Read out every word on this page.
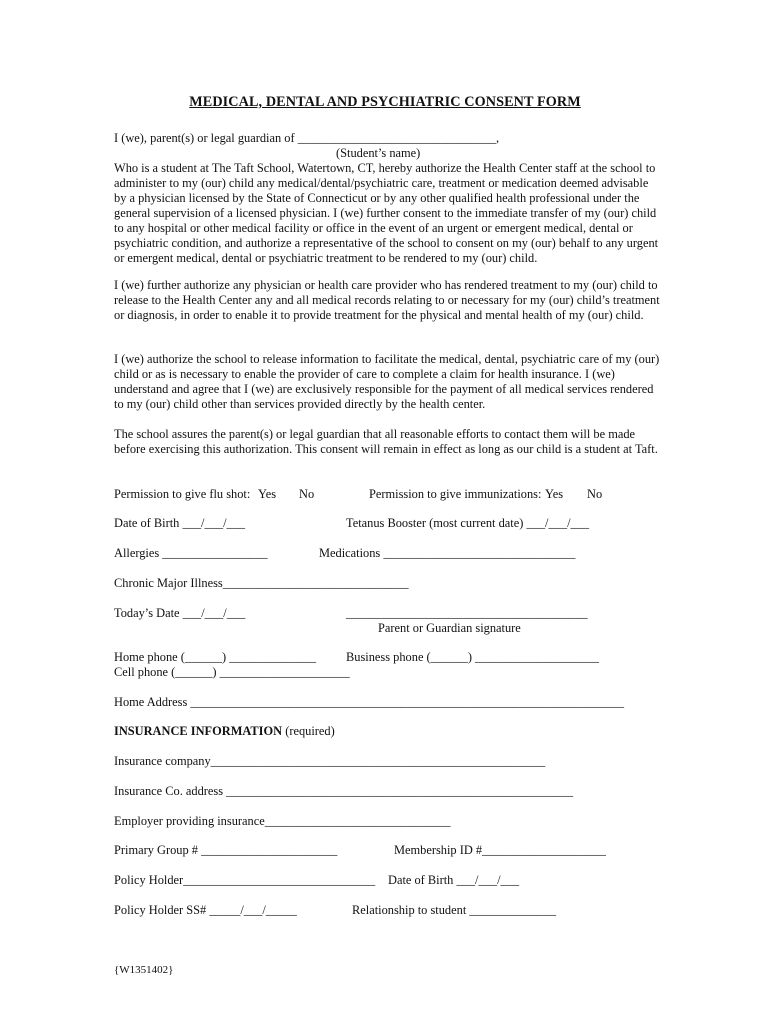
MEDICAL, DENTAL AND PSYCHIATRIC CONSENT FORM
I (we), parent(s) or legal guardian of ________________________________,
(Student’s name)

Who is a student at The Taft School, Watertown, CT, hereby authorize the Health Center staff at the school to administer to my (our) child any medical/dental/psychiatric care, treatment or medication deemed advisable by a physician licensed by the State of Connecticut or by any other qualified health professional under the general supervision of a licensed physician. I (we) further consent to the immediate transfer of my (our) child to any hospital or other medical facility or office in the event of an urgent or emergent medical, dental or psychiatric condition, and authorize a representative of the school to consent on my (our) behalf to any urgent or emergent medical, dental or psychiatric treatment to be rendered to my (our) child.

I (we) further authorize any physician or health care provider who has rendered treatment to my (our) child to release to the Health Center any and all medical records relating to or necessary for my (our) child’s treatment or diagnosis, in order to enable it to provide treatment for the physical and mental health of my (our) child.

I (we) authorize the school to release information to facilitate the medical, dental, psychiatric care of my (our) child or as is necessary to enable the provider of care to complete a claim for health insurance. I (we) understand and agree that I (we) are exclusively responsible for the payment of all medical services rendered to my (our) child other than services provided directly by the health center.

The school assures the parent(s) or legal guardian that all reasonable efforts to contact them will be made before exercising this authorization. This consent will remain in effect as long as our child is a student at Taft.

Permission to give flu shot: Yes No	Permission to give immunizations: Yes No
Date of Birth ___/___/___	Tetanus Booster (most current date) ___/___/___
Allergies _________________	Medications _______________________________
Chronic Major Illness______________________________
Today’s Date ___/___/___	_______________________________________
Parent or Guardian signature
Home phone (______) ______________ Business phone (______) ____________________
Cell phone (______) _____________________
Home Address ______________________________________________________________________
INSURANCE INFORMATION (required)
Insurance company______________________________________________________
Insurance Co. address ________________________________________________________
Employer providing insurance______________________________
Primary Group # ______________________	Membership ID #____________________
Policy Holder_______________________________ Date of Birth ___/___/___
Policy Holder SS# _____/___/_____	Relationship to student ______________
{W1351402}
